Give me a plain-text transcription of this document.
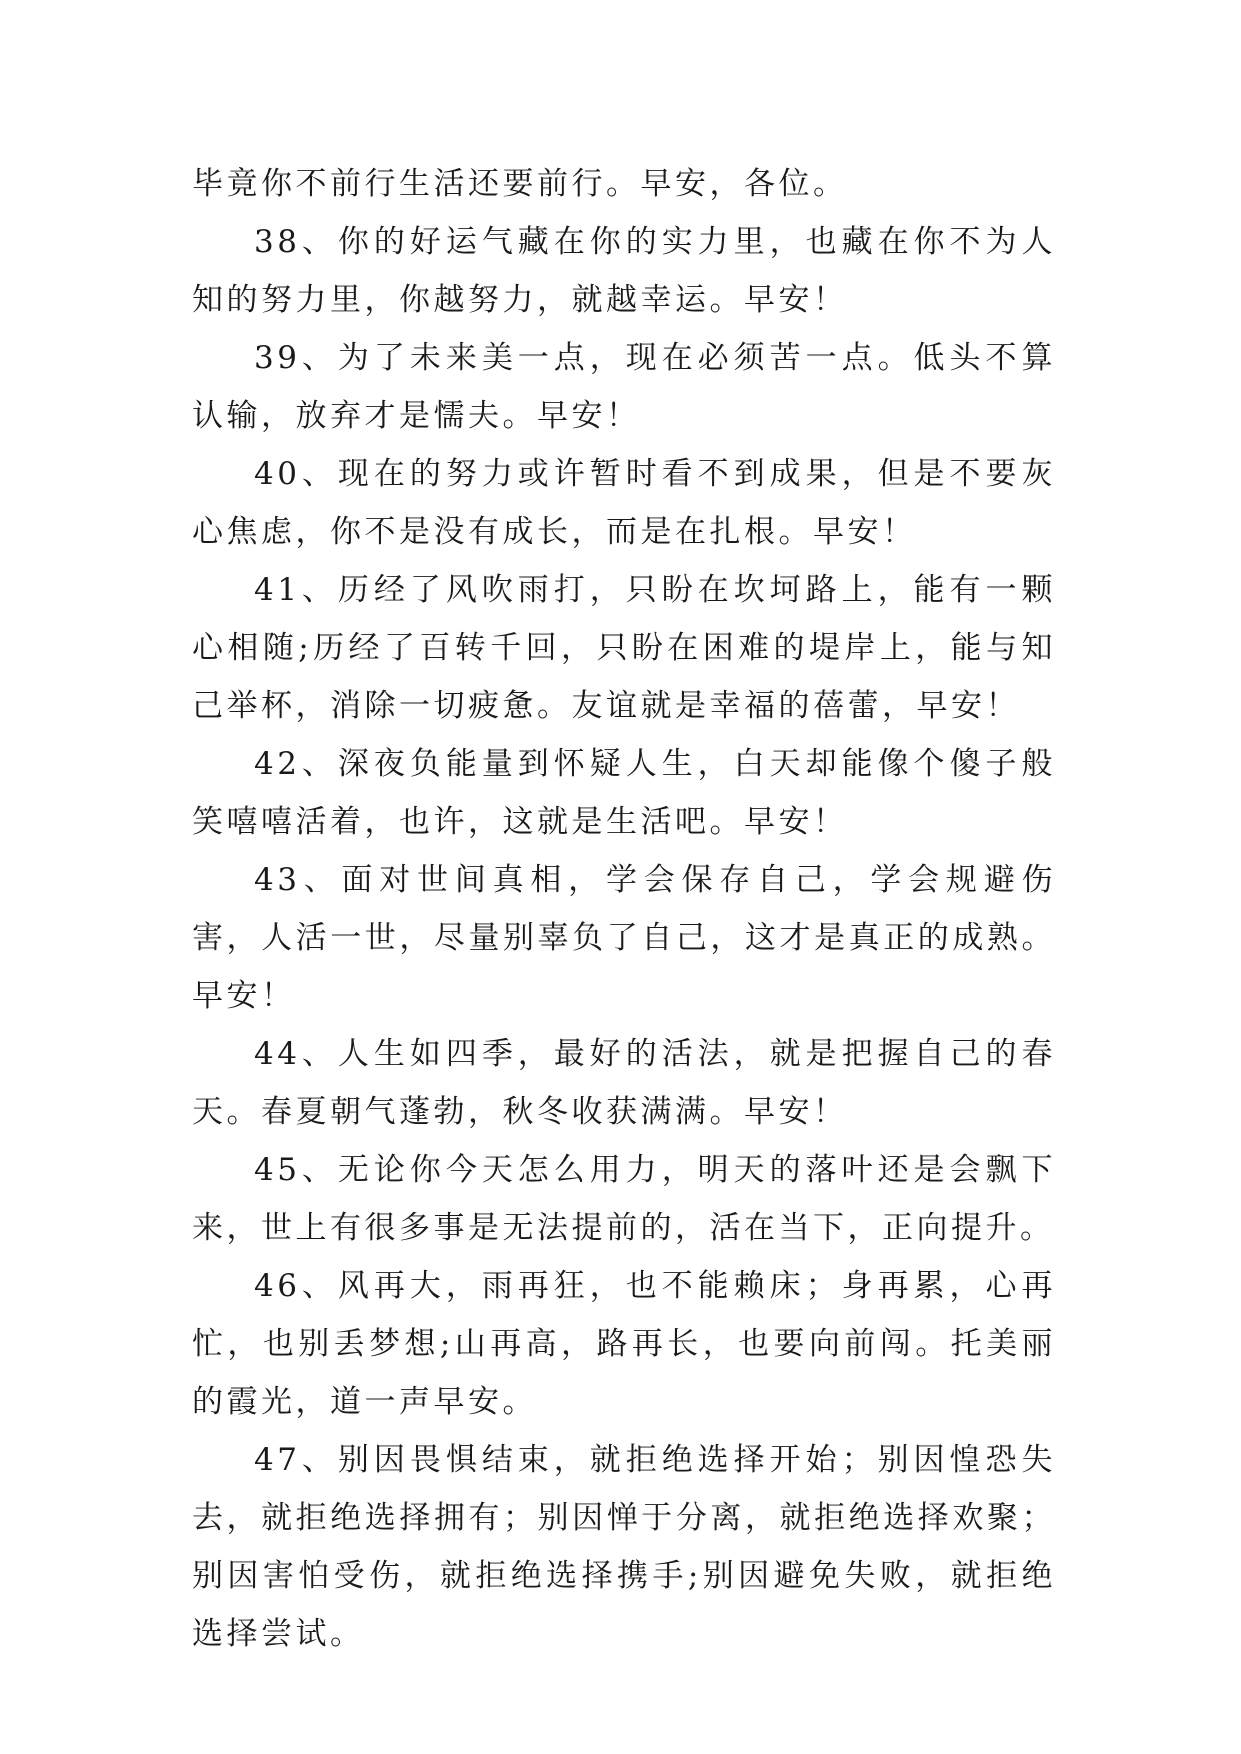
毕竟你不前行生活还要前行。早安，各位。

38、你的好运气藏在你的实力里，也藏在你不为人知的努力里，你越努力，就越幸运。早安！

39、为了未来美一点，现在必须苦一点。低头不算认输，放弃才是懦夫。早安！

40、现在的努力或许暂时看不到成果，但是不要灰心焦虑，你不是没有成长，而是在扎根。早安！

41、历经了风吹雨打，只盼在坎坷路上，能有一颗心相随;历经了百转千回，只盼在困难的堤岸上，能与知己举杯，消除一切疲惫。友谊就是幸福的蓓蕾，早安！

42、深夜负能量到怀疑人生，白天却能像个傻子般笑嘻嘻活着，也许，这就是生活吧。早安！

43、面对世间真相，学会保存自己，学会规避伤害，人活一世，尽量别辜负了自己，这才是真正的成熟。早安！

44、人生如四季，最好的活法，就是把握自己的春天。春夏朝气蓬勃，秋冬收获满满。早安！

45、无论你今天怎么用力，明天的落叶还是会飘下来，世上有很多事是无法提前的，活在当下，正向提升。

46、风再大，雨再狂，也不能赖床；身再累，心再忙，也别丢梦想;山再高，路再长，也要向前闯。托美丽的霞光，道一声早安。

47、别因畏惧结束，就拒绝选择开始；别因惶恐失去，就拒绝选择拥有；别因惮于分离，就拒绝选择欢聚；别因害怕受伤，就拒绝选择携手;别因避免失败，就拒绝选择尝试。
